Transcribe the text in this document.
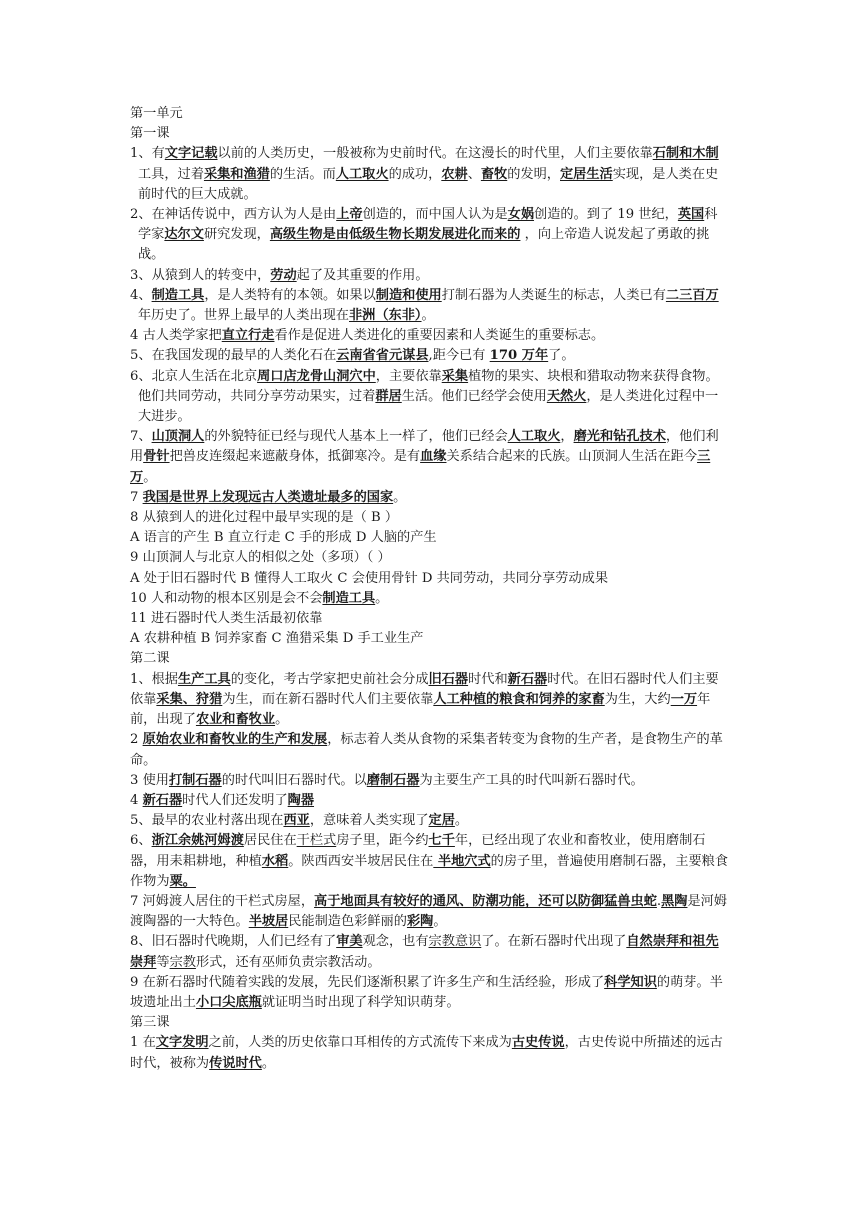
第一单元

第一课

1、有文字记载以前的人类历史，一般被称为史前时代。在这漫长的时代里，人们主要依靠石制和木制工具，过着采集和渔猎的生活。而人工取火的成功，农耕、畜牧的发明，定居生活实现，是人类在史前时代的巨大成就。

2、在神话传说中，西方认为人是由上帝创造的，而中国人认为是女娲创造的。到了 19 世纪，英国科学家达尔文研究发现，高级生物是由低级生物长期发展进化而来的 ，向上帝造人说发起了勇敢的挑战。

3、从猿到人的转变中，劳动起了及其重要的作用。

4、制造工具，是人类特有的本领。如果以制造和使用打制石器为人类诞生的标志，人类已有二三百万年历史了。世界上最早的人类出现在非洲（东非）。

4 古人类学家把直立行走看作是促进人类进化的重要因素和人类诞生的重要标志。

5、在我国发现的最早的人类化石在云南省省元谋县,距今已有 170 万年了。

6、北京人生活在北京周口店龙骨山洞穴中，主要依靠采集植物的果实、块根和猎取动物来获得食物。他们共同劳动，共同分享劳动果实，过着群居生活。他们已经学会使用天然火，是人类进化过程中一大进步。

7、山顶洞人的外貌特征已经与现代人基本上一样了，他们已经会人工取火，磨光和钻孔技术，他们利用骨针把兽皮连缀起来遮蔽身体，抵御寒冷。是有血缘关系结合起来的氏族。山顶洞人生活在距今三万。

7 我国是世界上发现远古人类遗址最多的国家。

8 从猿到人的进化过程中最早实现的是（ B ）

A 语言的产生 B 直立行走 C 手的形成 D 人脑的产生

9 山顶洞人与北京人的相似之处（多项）（ ）

A 处于旧石器时代 B 懂得人工取火 C 会使用骨针 D 共同劳动，共同分享劳动成果

10 人和动物的根本区别是会不会制造工具。

11 进石器时代人类生活最初依靠

A 农耕种植 B 饲养家畜 C 渔猎采集 D 手工业生产

第二课

1、根据生产工具的变化，考古学家把史前社会分成旧石器时代和新石器时代。在旧石器时代人们主要依靠采集、狩猎为生，而在新石器时代人们主要依靠人工种植的粮食和饲养的家畜为生，大约一万年前，出现了农业和畜牧业。

2 原始农业和畜牧业的生产和发展，标志着人类从食物的采集者转变为食物的生产者，是食物生产的革命。

3 使用打制石器的时代叫旧石器时代。以磨制石器为主要生产工具的时代叫新石器时代。

4 新石器时代人们还发明了陶器

5、最早的农业村落出现在西亚，意味着人类实现了定居。

6、浙江余姚河姆渡居民住在干栏式房子里，距今约七千年，已经出现了农业和畜牧业，使用磨制石器，用耒耜耕地，种植水稻。陕西西安半坡居民住在 半地穴式的房子里，普遍使用磨制石器，主要粮食作物为粟。

7 河姆渡人居住的干栏式房屋，高于地面具有较好的通风、防潮功能，还可以防御猛兽虫蛇.黑陶是河姆渡陶器的一大特色。半坡居民能制造色彩鲜丽的彩陶。

8、旧石器时代晚期，人们已经有了审美观念，也有宗教意识了。在新石器时代出现了自然崇拜和祖先崇拜等宗教形式，还有巫师负责宗教活动。

9 在新石器时代随着实践的发展，先民们逐渐积累了许多生产和生活经验，形成了科学知识的萌芽。半坡遗址出土小口尖底瓶就证明当时出现了科学知识萌芽。

第三课

1 在文字发明之前，人类的历史依靠口耳相传的方式流传下来成为古史传说，古史传说中所描述的远古时代，被称为传说时代。
